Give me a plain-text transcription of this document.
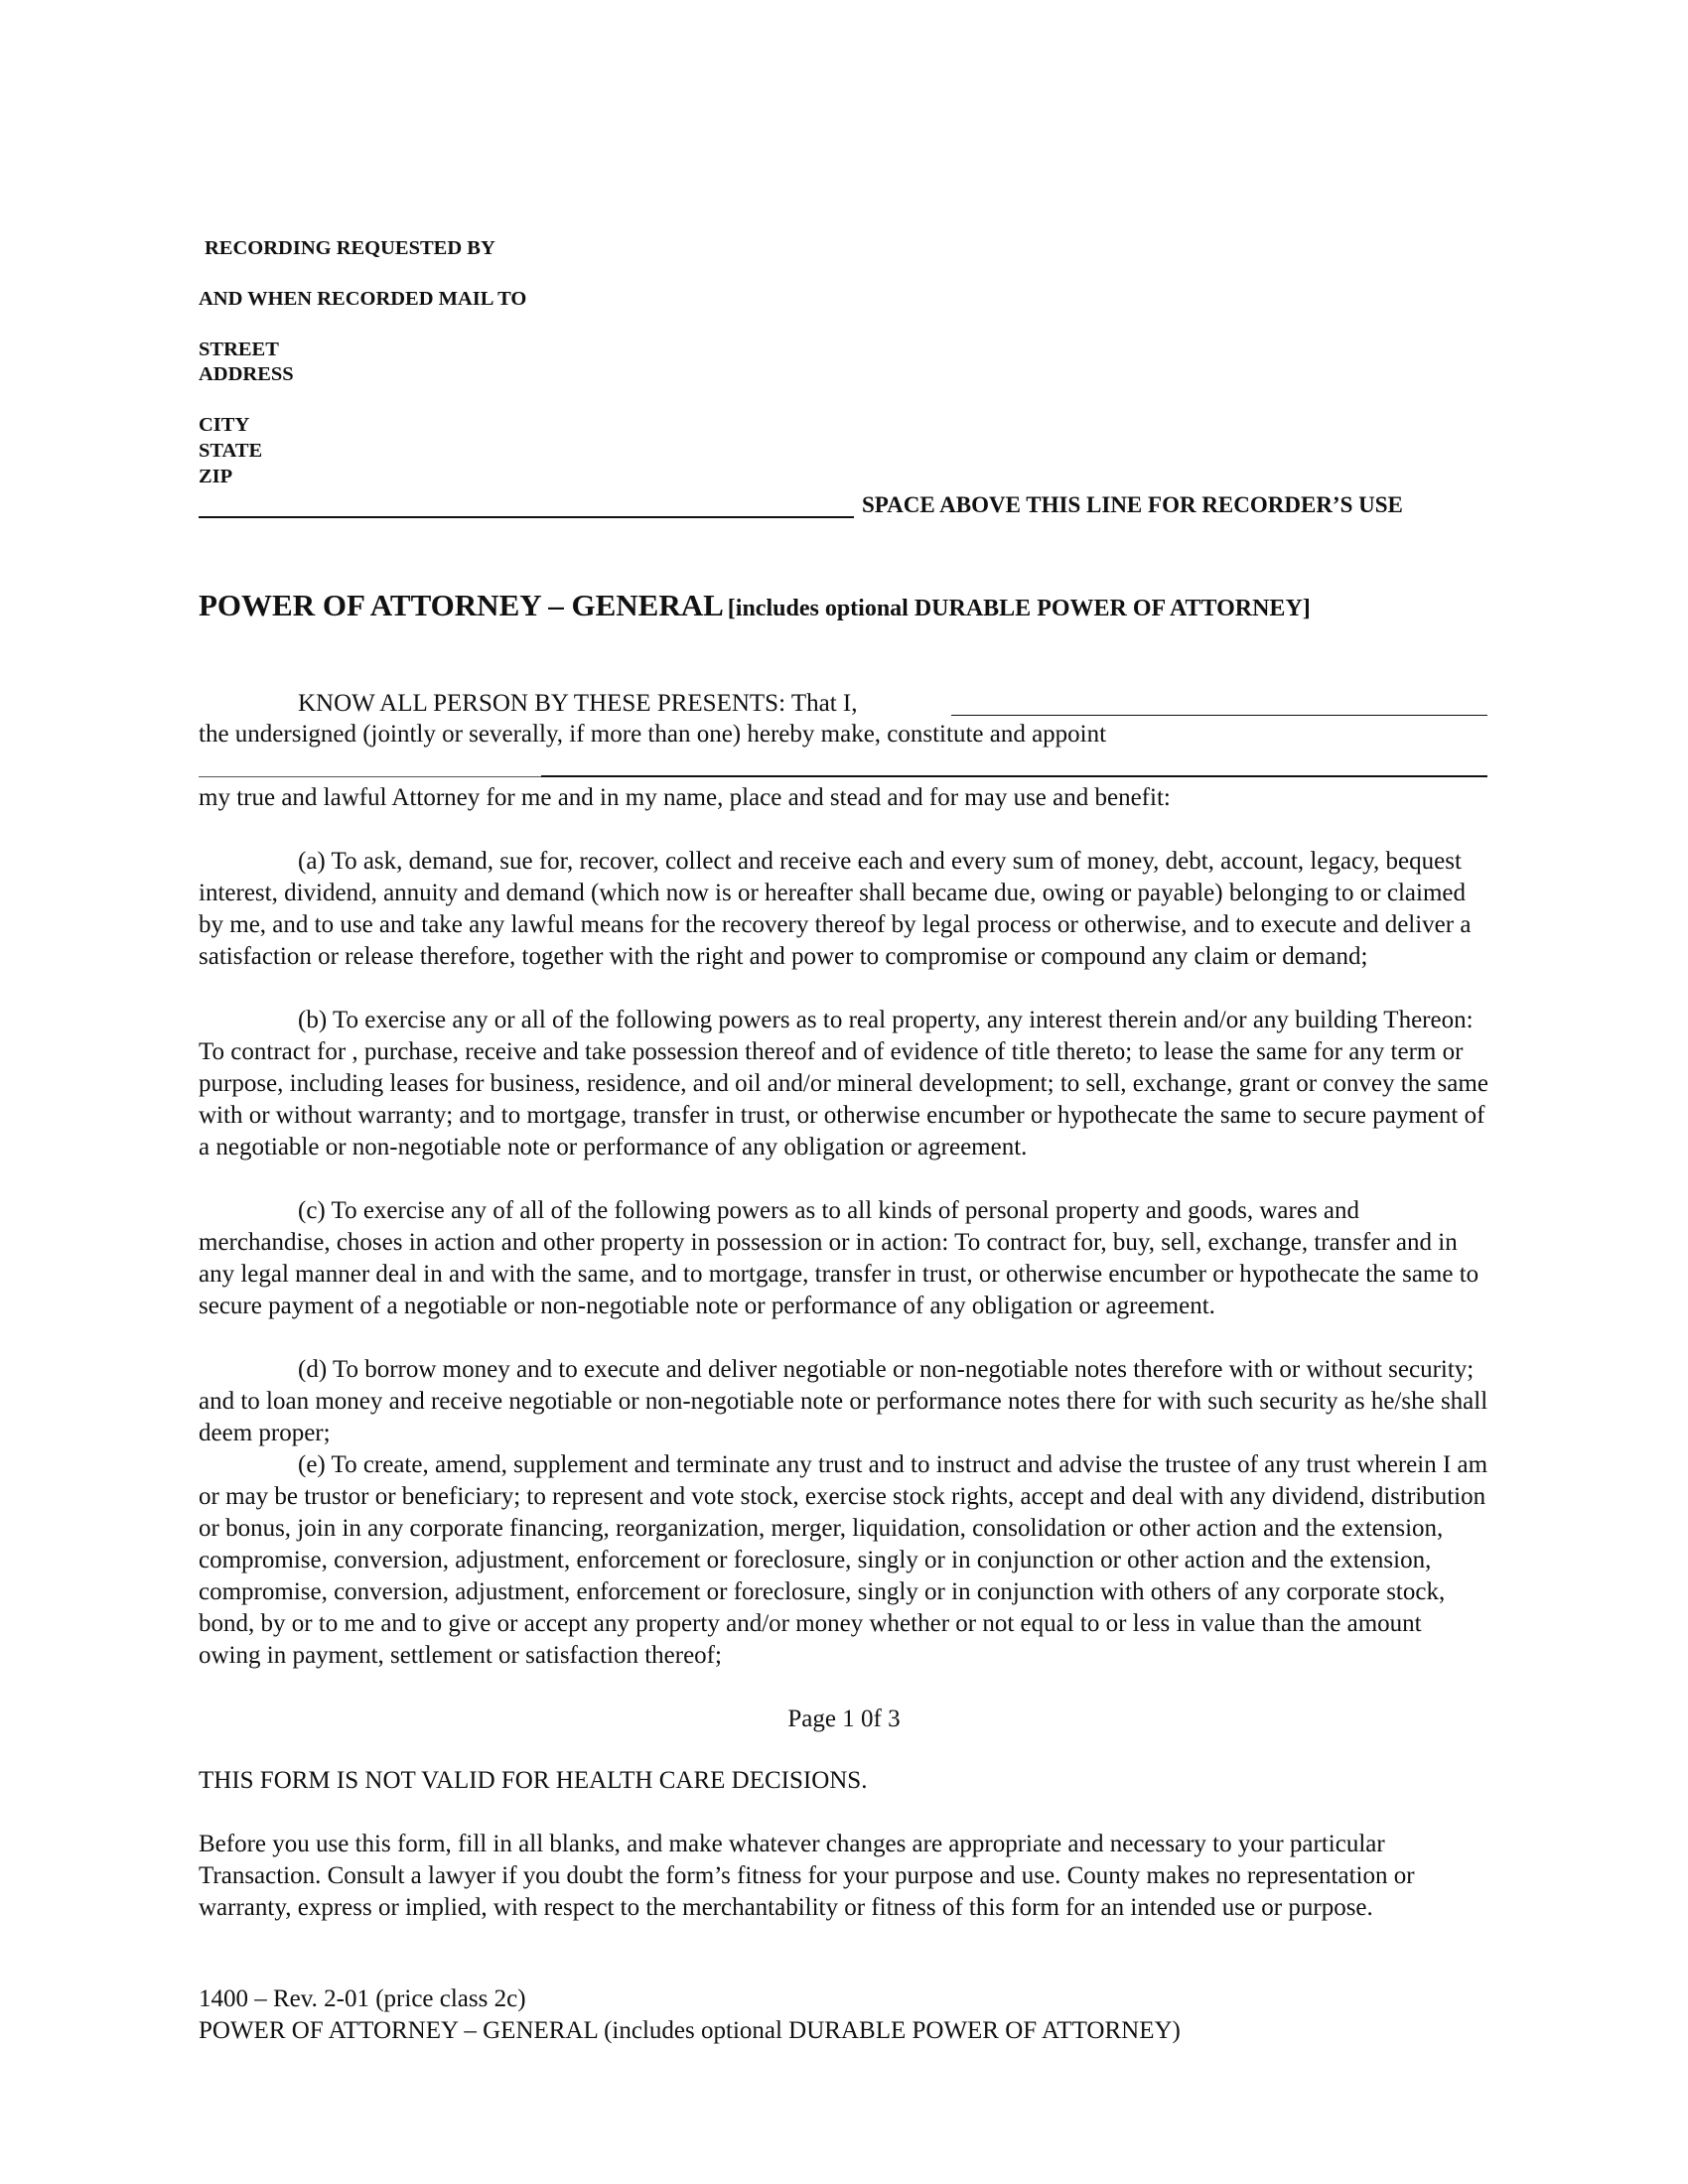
RECORDING REQUESTED BY
AND WHEN RECORDED MAIL TO
STREET
ADDRESS
CITY
STATE
ZIP
SPACE ABOVE THIS LINE FOR RECORDER’S USE
POWER OF ATTORNEY – GENERAL [includes optional DURABLE POWER OF ATTORNEY]
KNOW ALL PERSON BY THESE PRESENTS: That I,
the undersigned (jointly or severally, if more than one) hereby make, constitute and appoint
my true and lawful Attorney for me and in my name, place and stead and for may use and benefit:

(a) To ask, demand, sue for, recover, collect and receive each and every sum of money, debt, account, legacy, bequest interest, dividend, annuity and demand (which now is or hereafter shall became due, owing or payable) belonging to or claimed by me, and to use and take any lawful means for the recovery thereof by legal process or otherwise, and to execute and deliver a satisfaction or release therefore, together with the right and power to compromise or compound any claim or demand;

(b) To exercise any or all of the following powers as to real property, any interest therein and/or any building Thereon: To contract for , purchase, receive and take possession thereof and of evidence of title thereto; to lease the same for any term or purpose, including leases for business, residence, and oil and/or mineral development; to sell, exchange, grant or convey the same with or without warranty; and to mortgage, transfer in trust, or otherwise encumber or hypothecate the same to secure payment of a negotiable or non-negotiable note or performance of any obligation or agreement.

(c) To exercise any of all of the following powers as to all kinds of personal property and goods, wares and merchandise, choses in action and other property in possession or in action: To contract for, buy, sell, exchange, transfer and in any legal manner deal in and with the same, and to mortgage, transfer in trust, or otherwise encumber or hypothecate the same to secure payment of a negotiable or non-negotiable note or performance of any obligation or agreement.

(d) To borrow money and to execute and deliver negotiable or non-negotiable notes therefore with or without security; and to loan money and receive negotiable or non-negotiable note or performance notes there for with such security as he/she shall deem proper;

(e) To create, amend, supplement and terminate any trust and to instruct and advise the trustee of any trust wherein I am or may be trustor or beneficiary; to represent and vote stock, exercise stock rights, accept and deal with any dividend, distribution or bonus, join in any corporate financing, reorganization, merger, liquidation, consolidation or other action and the extension, compromise, conversion, adjustment, enforcement or foreclosure, singly or in conjunction or other action and the extension, compromise, conversion, adjustment, enforcement or foreclosure, singly or in conjunction with others of any corporate stock, bond, by or to me and to give or accept any property and/or money whether or not equal to or less in value than the amount owing in payment, settlement or satisfaction thereof;

Page 1 0f 3
THIS FORM IS NOT VALID FOR HEALTH CARE DECISIONS.

Before you use this form, fill in all blanks, and make whatever changes are appropriate and necessary to your particular Transaction. Consult a lawyer if you doubt the form’s fitness for your purpose and use. County makes no representation or warranty, express or implied, with respect to the merchantability or fitness of this form for an intended use or purpose.

1400 – Rev. 2-01 (price class 2c)
POWER OF ATTORNEY – GENERAL (includes optional DURABLE POWER OF ATTORNEY)
